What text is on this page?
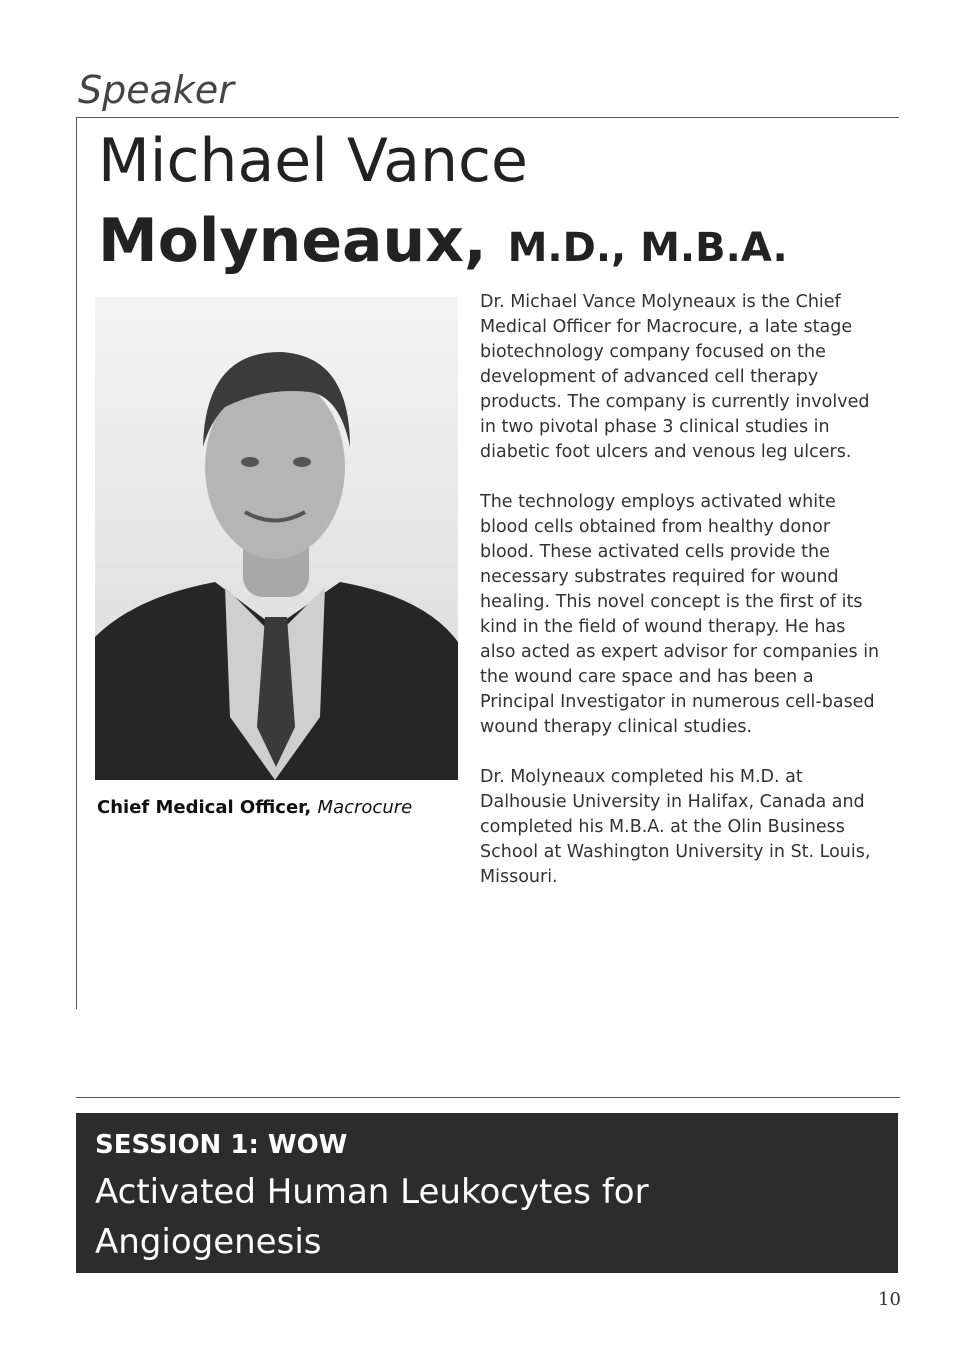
Speaker
Michael Vance
Molyneaux, M.D., M.B.A.
Chief Medical Officer, Macrocure

Dr. Michael Vance Molyneaux is the Chief Medical Officer for Macrocure, a late stage biotechnology company focused on the development of advanced cell therapy products. The company is currently involved in two pivotal phase 3 clinical studies in diabetic foot ulcers and venous leg ulcers.

The technology employs activated white blood cells obtained from healthy donor blood. These activated cells provide the necessary substrates required for wound healing. This novel concept is the first of its kind in the field of wound therapy. He has also acted as expert advisor for companies in the wound care space and has been a Principal Investigator in numerous cell-based wound therapy clinical studies.

Dr. Molyneaux completed his M.D. at Dalhousie University in Halifax, Canada and completed his M.B.A. at the Olin Business School at Washington University in St. Louis, Missouri.

SESSION 1: WOW
Activated Human Leukocytes for Angiogenesis
10
